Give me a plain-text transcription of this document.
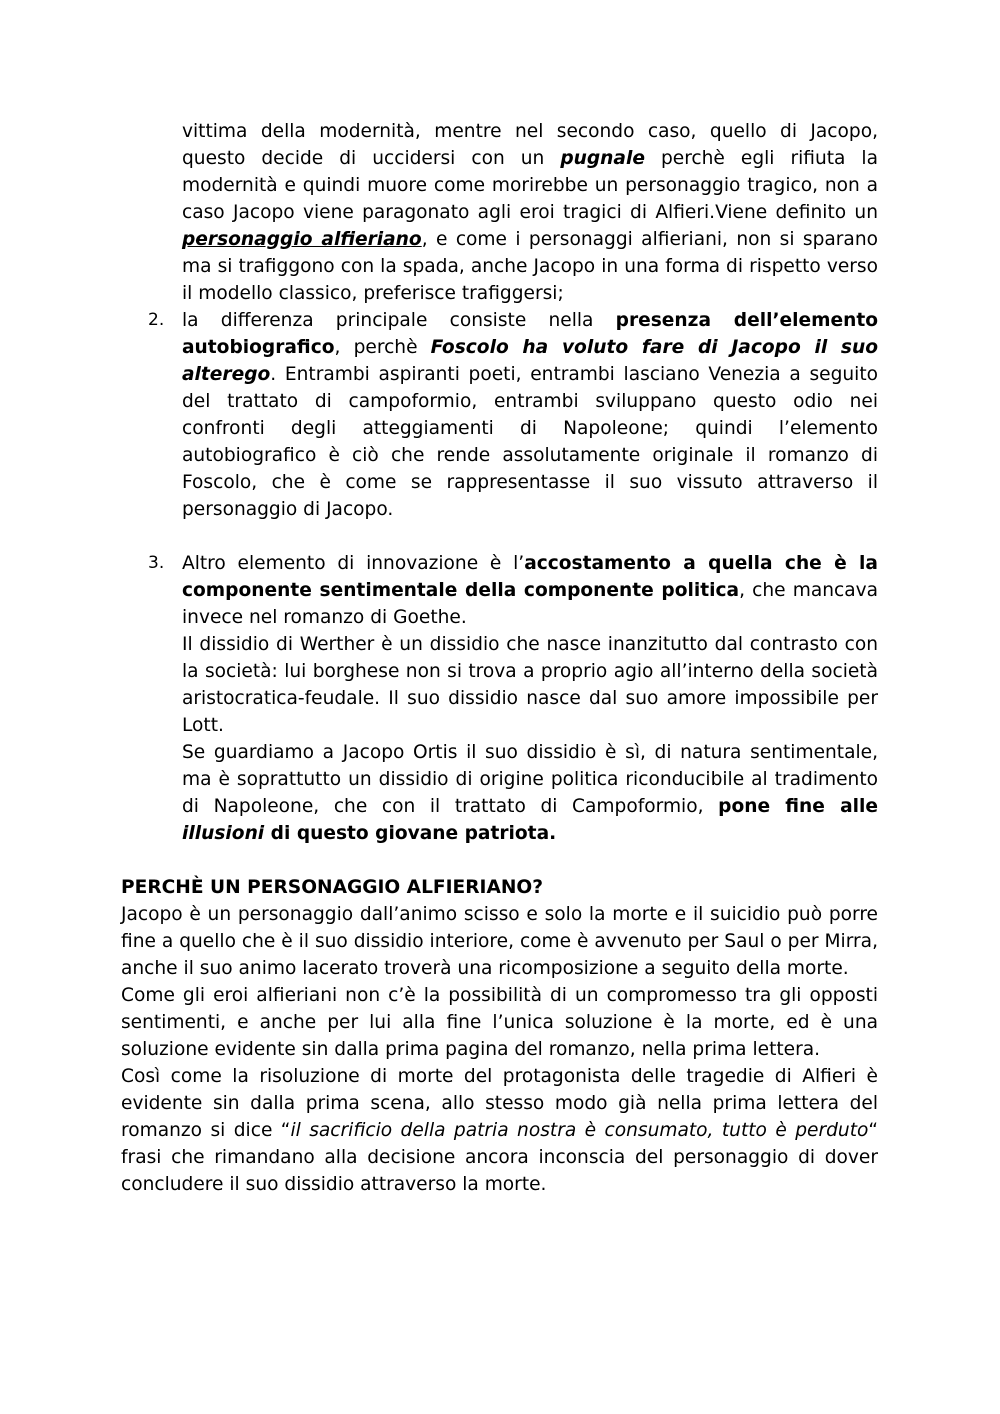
vittima della modernità, mentre nel secondo caso, quello di Jacopo, questo decide di uccidersi con un pugnale perchè egli rifiuta la modernità e quindi muore come morirebbe un personaggio tragico, non a caso Jacopo viene paragonato agli eroi tragici di Alfieri.Viene definito un personaggio alfieriano, e come i personaggi alfieriani, non si sparano ma si trafiggono con la spada, anche Jacopo in una forma di rispetto verso il modello classico, preferisce trafiggersi;
2. la differenza principale consiste nella presenza dell’elemento autobiografico, perchè Foscolo ha voluto fare di Jacopo il suo alterego. Entrambi aspiranti poeti, entrambi lasciano Venezia a seguito del trattato di campoformio, entrambi sviluppano questo odio nei confronti degli atteggiamenti di Napoleone; quindi l’elemento autobiografico è ciò che rende assolutamente originale il romanzo di Foscolo, che è come se rappresentasse il suo vissuto attraverso il personaggio di Jacopo.
3. Altro elemento di innovazione è l’accostamento a quella che è la componente sentimentale della componente politica, che mancava invece nel romanzo di Goethe.
Il dissidio di Werther è un dissidio che nasce inanzitutto dal contrasto con la società: lui borghese non si trova a proprio agio all’interno della società aristocratica-feudale. Il suo dissidio nasce dal suo amore impossibile per Lott.
Se guardiamo a Jacopo Ortis il suo dissidio è sì, di natura sentimentale, ma è soprattutto un dissidio di origine politica riconducibile al tradimento di Napoleone, che con il trattato di Campoformio, pone fine alle illusioni di questo giovane patriota.

PERCHÈ UN PERSONAGGIO ALFIERIANO?

Jacopo è un personaggio dall’animo scisso e solo la morte e il suicidio può porre fine a quello che è il suo dissidio interiore, come è avvenuto per Saul o per Mirra, anche il suo animo lacerato troverà una ricomposizione a seguito della morte.

Come gli eroi alfieriani non c’è la possibilità di un compromesso tra gli opposti sentimenti, e anche per lui alla fine l’unica soluzione è la morte, ed è una soluzione evidente sin dalla prima pagina del romanzo, nella prima lettera.

Così come la risoluzione di morte del protagonista delle tragedie di Alfieri è evidente sin dalla prima scena, allo stesso modo già nella prima lettera del romanzo si dice “il sacrificio della patria nostra è consumato, tutto è perduto“ frasi che rimandano alla decisione ancora inconscia del personaggio di dover concludere il suo dissidio attraverso la morte.
